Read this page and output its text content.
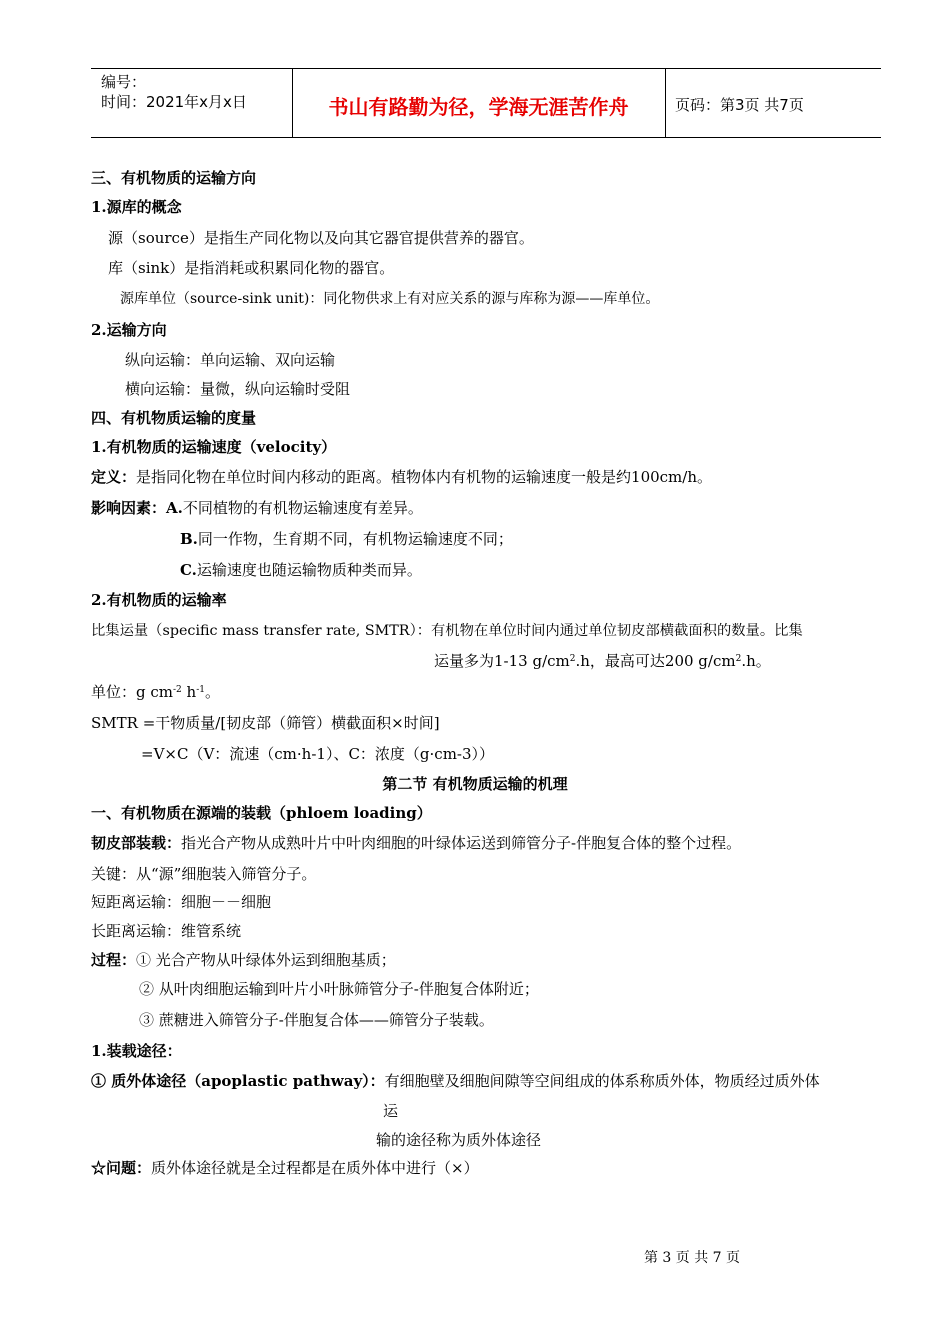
编号：
时间：2021年x月x日	书山有路勤为径，学海无涯苦作舟	页码：第3页 共7页
三、有机物质的运输方向
1.源库的概念
源（source）是指生产同化物以及向其它器官提供营养的器官。
库（sink）是指消耗或积累同化物的器官。
源库单位（source-sink unit)：同化物供求上有对应关系的源与库称为源——库单位。
2.运输方向
纵向运输：单向运输、双向运输
横向运输：量微，纵向运输时受阻
四、有机物质运输的度量
1.有机物质的运输速度（velocity）
定义：是指同化物在单位时间内移动的距离。植物体内有机物的运输速度一般是约100cm/h。
影响因素：A.不同植物的有机物运输速度有差异。
B.同一作物，生育期不同，有机物运输速度不同；
C.运输速度也随运输物质种类而异。
2.有机物质的运输率
比集运量（specific mass transfer rate, SMTR）：有机物在单位时间内通过单位韧皮部横截面积的数量。比集
运量多为1-13 $g/cm^2.h$，最高可达200 $g/cm^2.h$。
单位：g $cm^{-2}$ $h^{-1}$。
SMTR =干物质量/[韧皮部（筛管）横截面积×时间]
=V×C（V：流速（cm·h-1）、C：浓度（g·cm-3））
第二节 有机物质运输的机理
一、有机物质在源端的装载（phloem loading）
韧皮部装载：指光合产物从成熟叶片中叶肉细胞的叶绿体运送到筛管分子-伴胞复合体的整个过程。
关键：从“源”细胞装入筛管分子。
短距离运输：细胞－－细胞
长距离运输：维管系统
过程：① 光合产物从叶绿体外运到细胞基质；
② 从叶肉细胞运输到叶片小叶脉筛管分子-伴胞复合体附近；
③ 蔗糖进入筛管分子-伴胞复合体——筛管分子装载。
1.装载途径：
① 质外体途径（apoplastic pathway）：有细胞壁及细胞间隙等空间组成的体系称质外体，物质经过质外体
运
输的途径称为质外体途径
☆问题：质外体途径就是全过程都是在质外体中进行（×）
第 3 页 共 7 页
